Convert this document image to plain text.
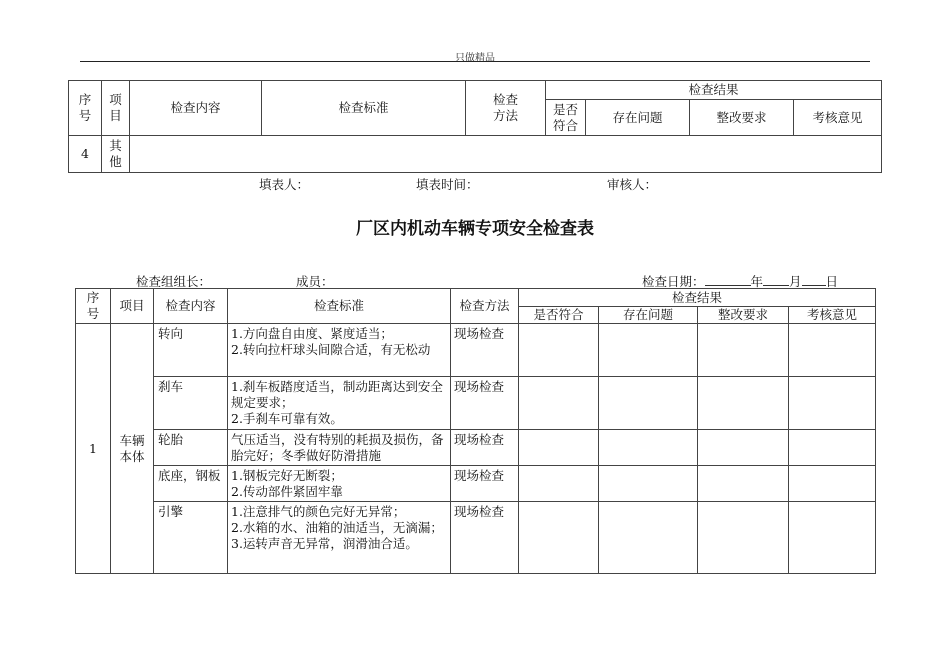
只做精品
序号	项目	检查内容	检查标准	检查方法	检查结果			
					是否符合	存在问题	整改要求	考核意见
4	其他							
填表人：	填表时间：	审核人：
厂区内机动车辆专项安全检查表
检查组组长：	成员：	检查日期：	年 月 日
序号	项目	检查内容	检查标准	检查方法	检查结果			
					是否符合	存在问题	整改要求	考核意见
1	车辆本体	转向	1.方向盘自由度、紧度适当；
2.转向拉杆球头间隙合适，有无松动	现场检查				
		刹车	1.刹车板踏度适当，制动距离达到安全规定要求；
2.手刹车可靠有效。	现场检查				
		轮胎	气压适当，没有特别的耗损及损伤，备胎完好；冬季做好防滑措施	现场检查				
		底座，钢板	1.钢板完好无断裂；
2.传动部件紧固牢靠	现场检查				
		引擎	1.注意排气的颜色完好无异常；
2.水箱的水、油箱的油适当，无滴漏；
3.运转声音无异常，润滑油合适。	现场检查				
